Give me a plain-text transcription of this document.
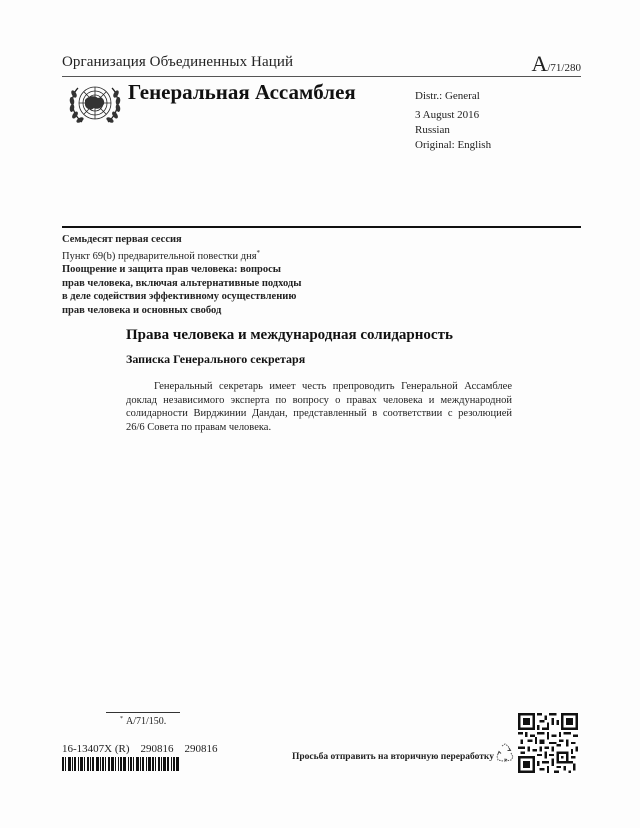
Организация Объединенных Наций	A/71/280
Генеральная Ассамблея	Distr.: General
3 August 2016
Russian
Original: English
Семьдесят первая сессия
Пункт 69(b) предварительной повестки дня*
Поощрение и защита прав человека: вопросы
прав человека, включая альтернативные подходы
в деле содействия эффективному осуществлению
прав человека и основных свобод
Права человека и международная солидарность
Записка Генерального секретаря
Генеральный секретарь имеет честь препроводить Генеральной Ассамблее доклад независимого эксперта по вопросу о правах человека и международной солидарности Вирджинии Дандан, представленный в соответствии с резолюцией 26/6 Совета по правам человека.
* A/71/150.
16-13407X (R) 290816 290816
Просьба отправить на вторичную переработку
